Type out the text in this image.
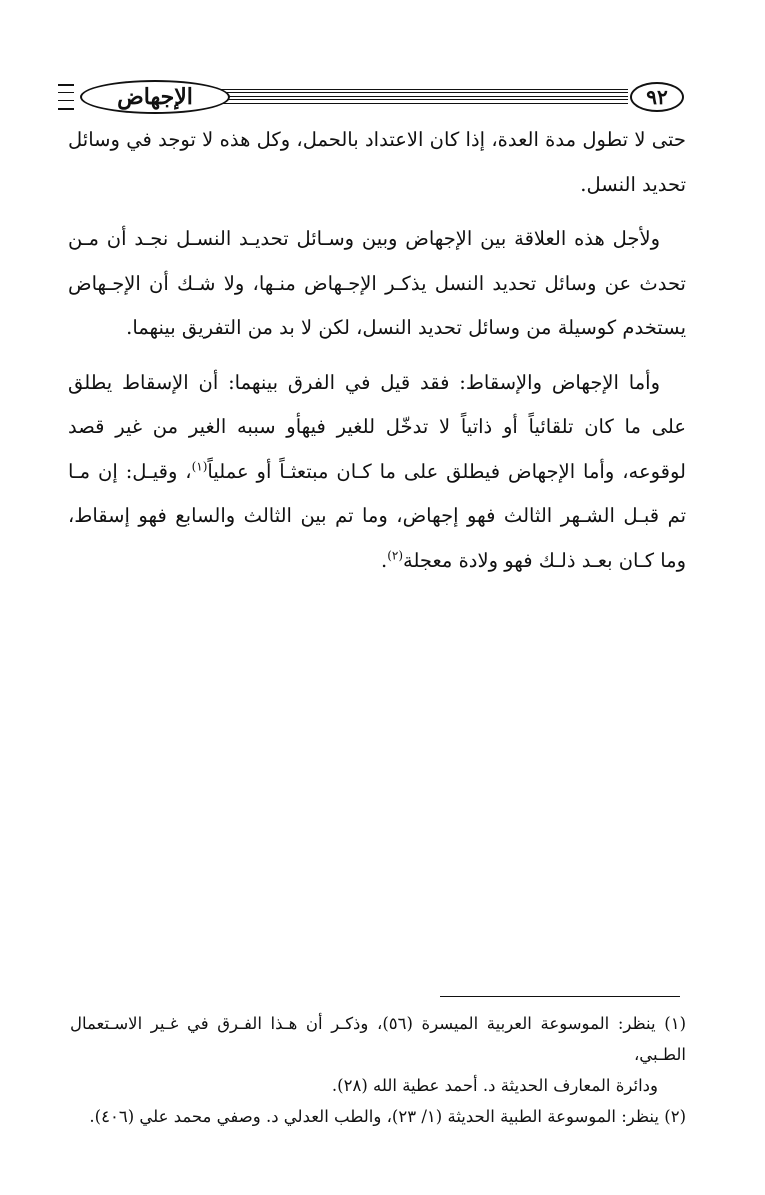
الإجهاض	٩٢

حتى لا تطول مدة العدة، إذا كان الاعتداد بالحمل، وكل هذه لا توجد في وسائل تحديد النسل.

ولأجل هذه العلاقة بين الإجهاض وبين وسـائل تحديـد النسـل نجـد أن مـن تحدث عن وسائل تحديد النسل يذكـر الإجـهاض منـها، ولا شـك أن الإجـهاض يستخدم كوسيلة من وسائل تحديد النسل، لكن لا بد من التفريق بينهما.

وأما الإجهاض والإسقاط: فقد قيل في الفرق بينهما: أن الإسقاط يطلق على ما كان تلقائياً أو ذاتياً لا تدخّل للغير فيهأو سببه الغير من غير قصد لوقوعه، وأما الإجهاض فيطلق على ما كـان مبتعثـاً أو عملياً$^{(١)}$، وقيـل: إن مـا تم قبـل الشـهر الثالث فهو إجهاض، وما تم بين الثالث والسابع فهو إسقاط، وما كـان بعـد ذلـك فهو ولادة معجلة$^{(٢)}$.

(١) ينظر: الموسوعة العربية الميسرة (٥٦)، وذكـر أن هـذا الفـرق في غـير الاسـتعمال الطـبي،

ودائرة المعارف الحديثة د. أحمد عطية الله (٢٨).

(٢) ينظر: الموسوعة الطبية الحديثة (١/ ٢٣)، والطب العدلي د. وصفي محمد علي (٤٠٦).
